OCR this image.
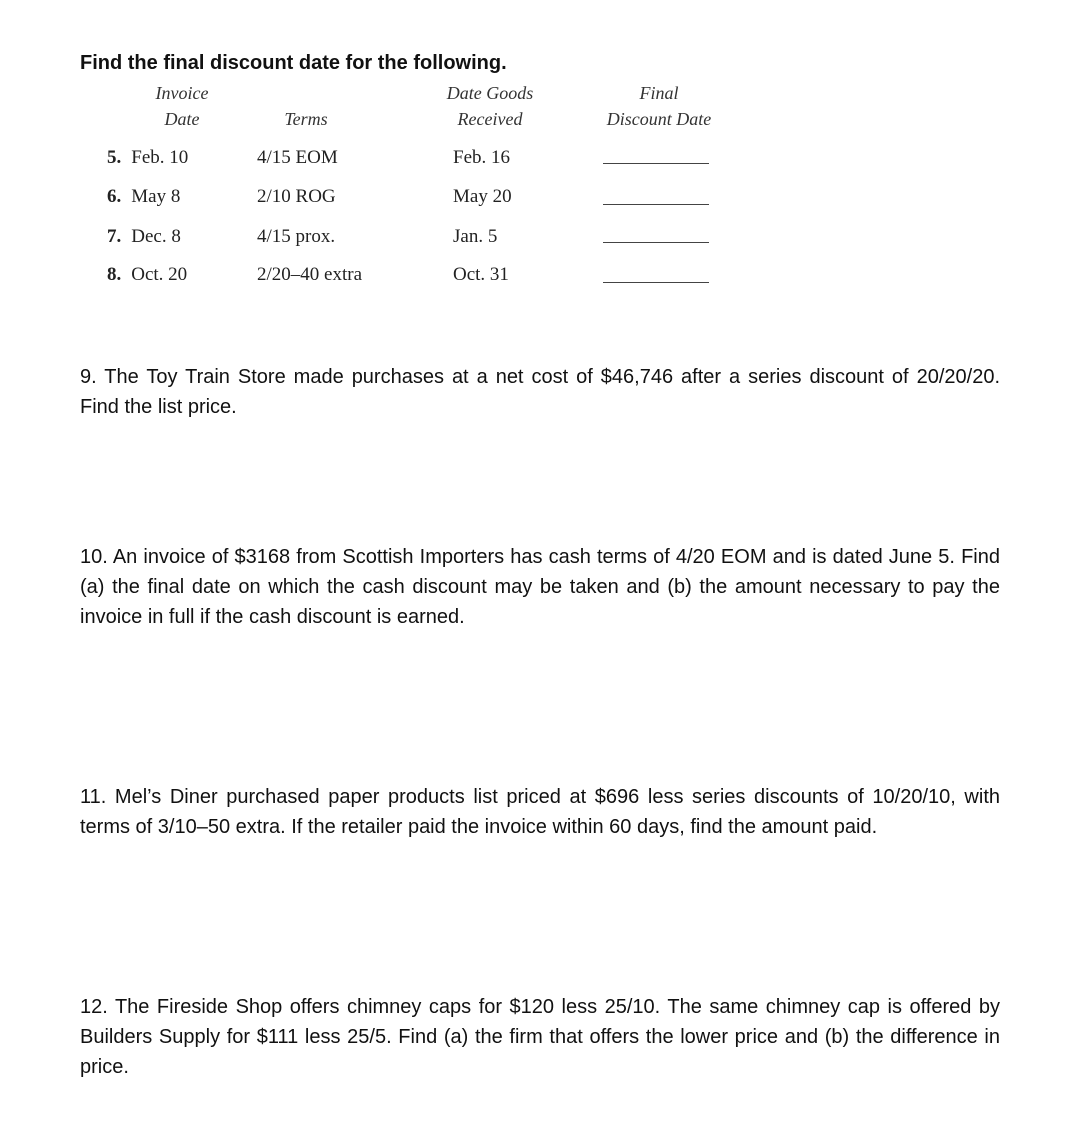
Find the final discount date for the following.
Invoice
Date	Terms
Date Goods
Received
Final
Discount Date
5. Feb. 10	4/15 EOM	Feb. 16
6. May 8	2/10 ROG	May 20
7. Dec. 8	4/15 prox.	Jan. 5
8. Oct. 20	2/20–40 extra	Oct. 31

9. The Toy Train Store made purchases at a net cost of $46,746 after a series discount of 20/20/20. Find the list price.

10. An invoice of $3168 from Scottish Importers has cash terms of 4/20 EOM and is dated June 5. Find (a) the final date on which the cash discount may be taken and (b) the amount necessary to pay the invoice in full if the cash discount is earned.

11. Mel’s Diner purchased paper products list priced at $696 less series discounts of 10/20/10, with terms of 3/10–50 extra. If the retailer paid the invoice within 60 days, find the amount paid.

12. The Fireside Shop offers chimney caps for $120 less 25/10. The same chimney cap is offered by Builders Supply for $111 less 25/5. Find (a) the firm that offers the lower price and (b) the difference in price.
